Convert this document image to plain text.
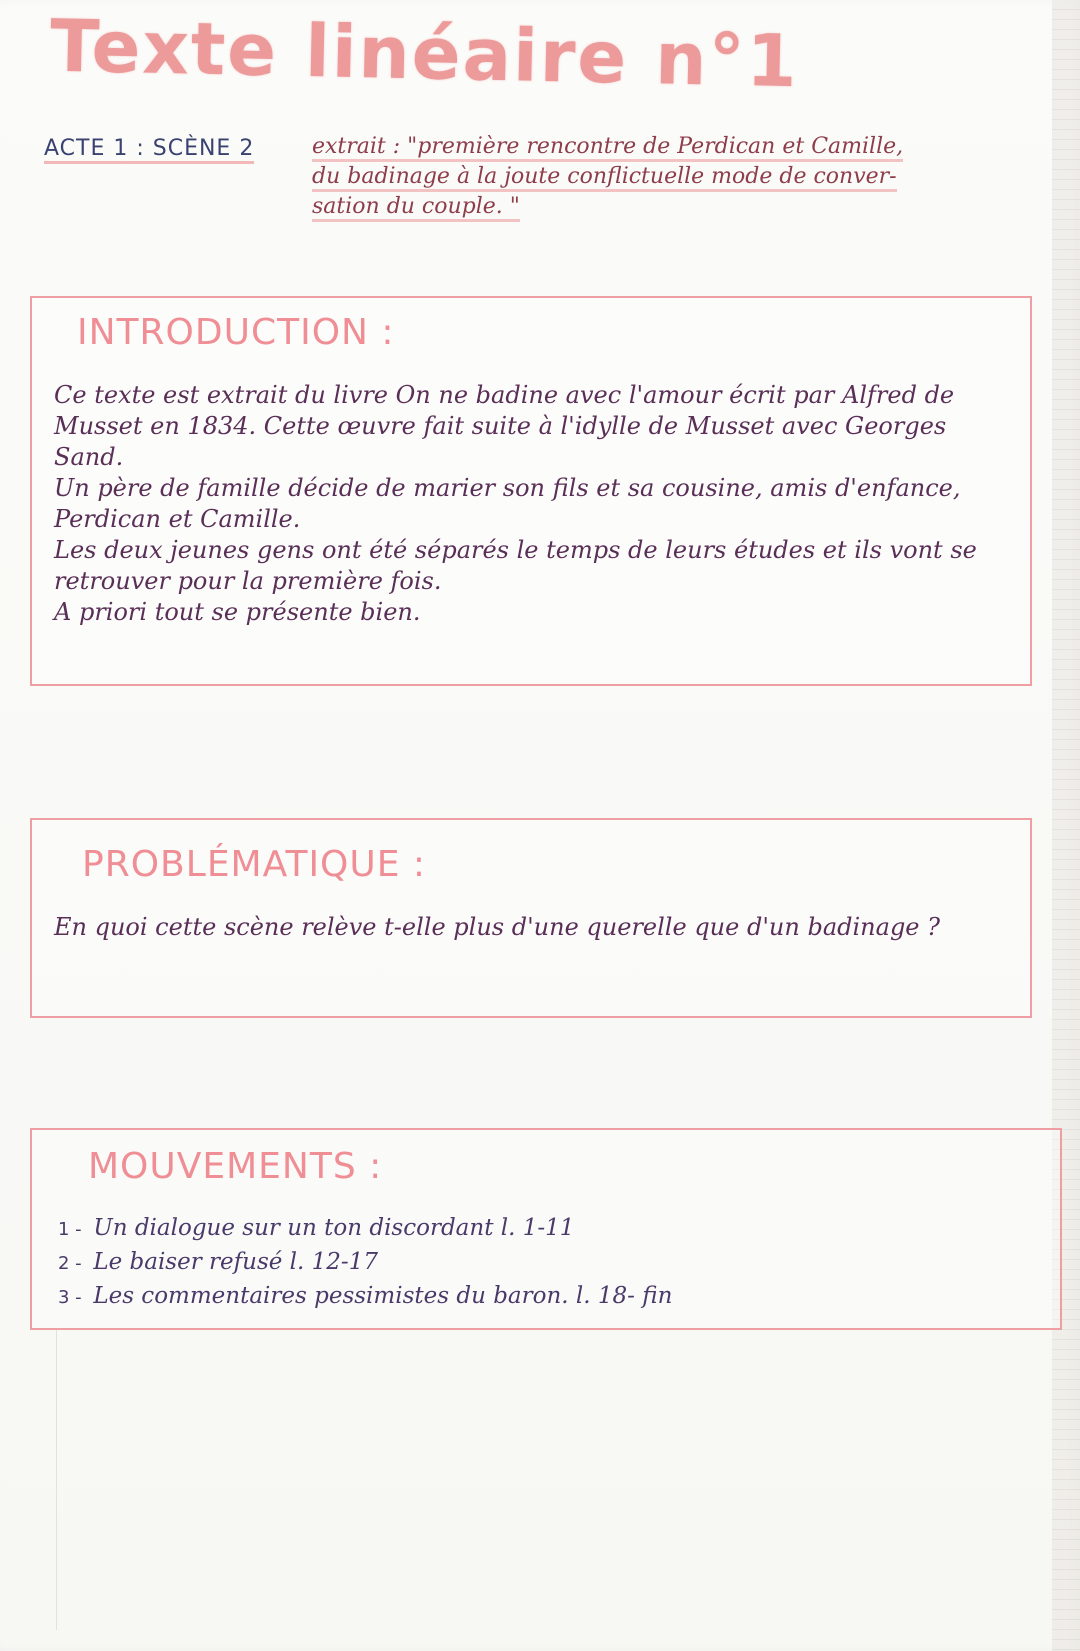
Texte linéaire n°1
ACTE 1 : SCÈNE 2	extrait : "première rencontre de Perdican et Camille,
du badinage à la joute conflictuelle mode de conver-
sation du couple. "
INTRODUCTION :

Ce texte est extrait du livre On ne badine avec l'amour écrit par Alfred de Musset en 1834. Cette œuvre fait suite à l'idylle de Musset avec Georges Sand.

Un père de famille décide de marier son fils et sa cousine, amis d'enfance, Perdican et Camille.

Les deux jeunes gens ont été séparés le temps de leurs études et ils vont se retrouver pour la première fois.

A priori tout se présente bien.

PROBLÉMATIQUE :

En quoi cette scène relève t-elle plus d'une querelle que d'un badinage ?

MOUVEMENTS :

1 - Un dialogue sur un ton discordant l. 1-11

2 - Le baiser refusé l. 12-17

3 - Les commentaires pessimistes du baron. l. 18- fin
